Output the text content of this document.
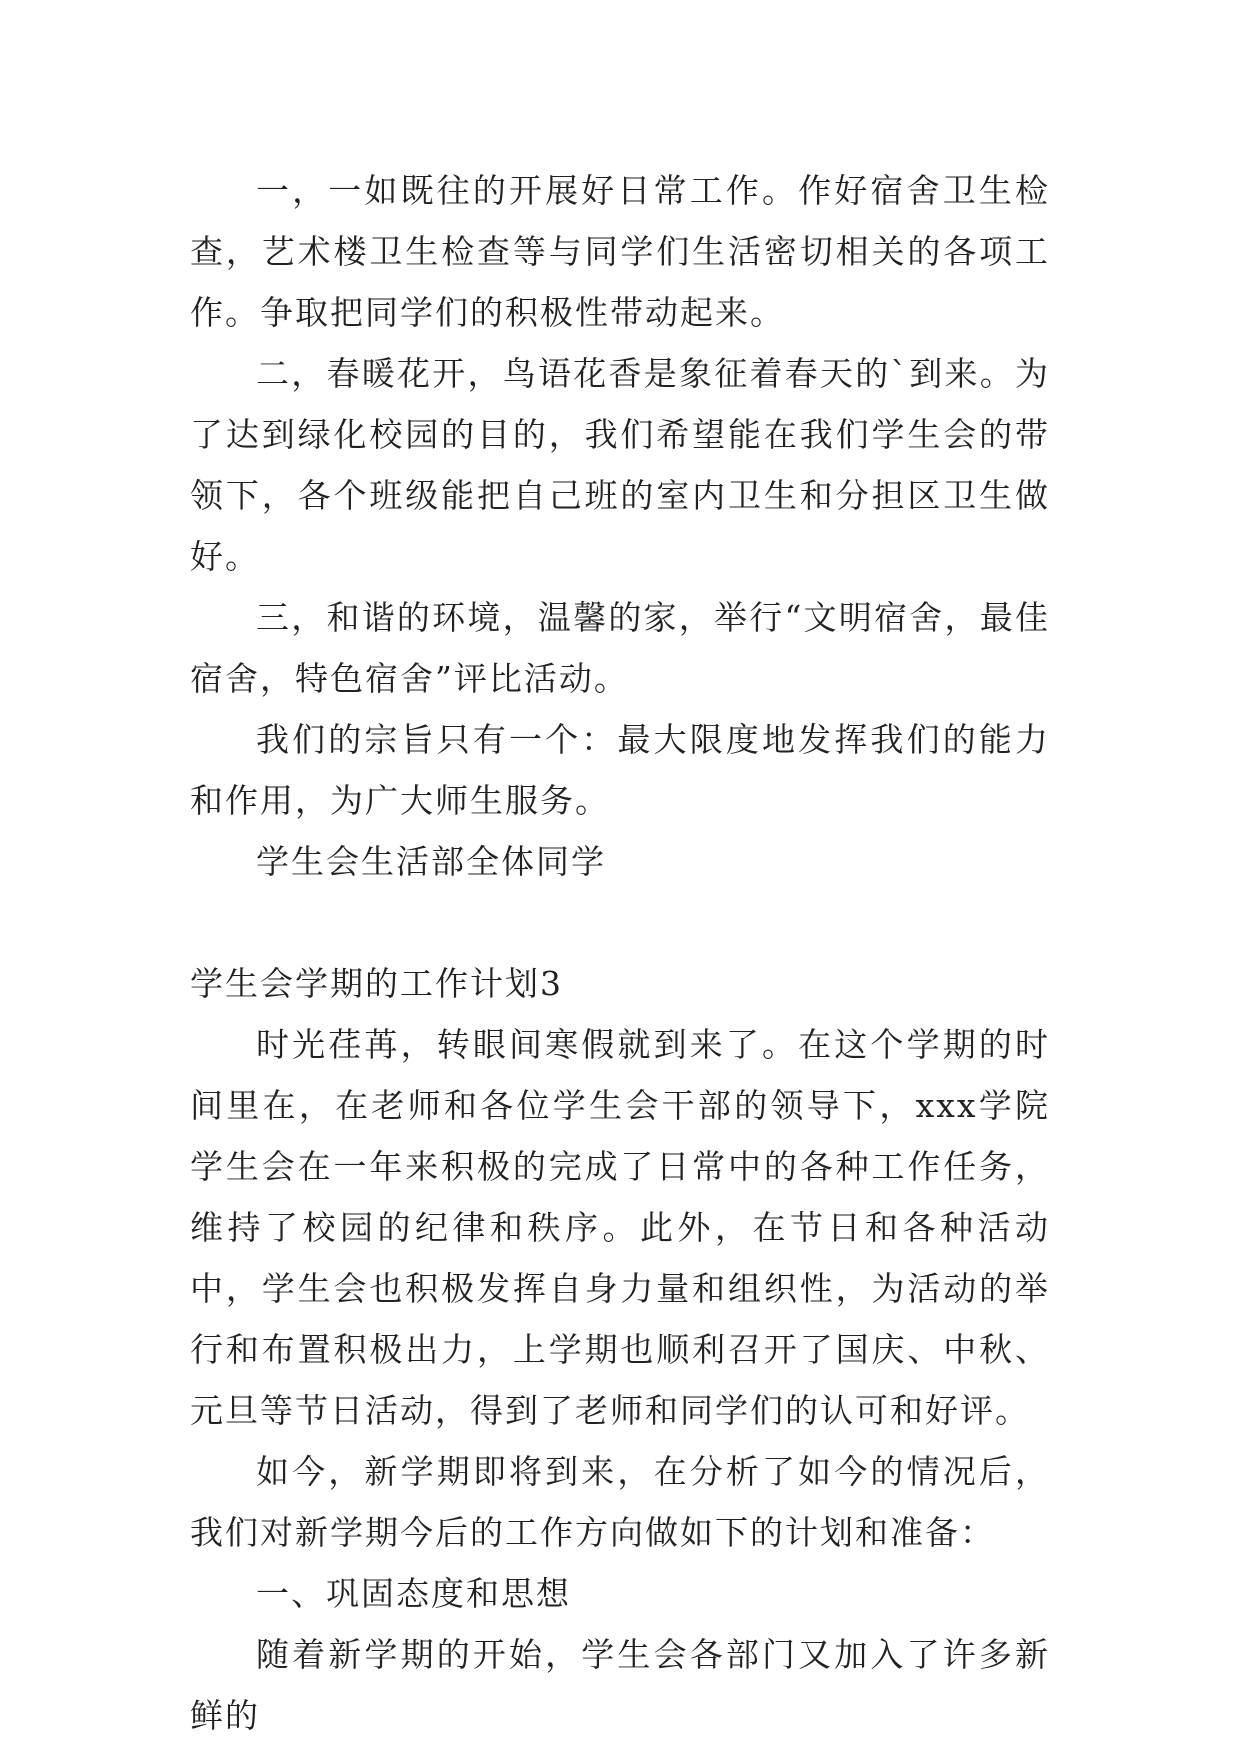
一，一如既往的开展好日常工作。作好宿舍卫生检查，艺术楼卫生检查等与同学们生活密切相关的各项工作。争取把同学们的积极性带动起来。

二，春暖花开，鸟语花香是象征着春天的`到来。为了达到绿化校园的目的，我们希望能在我们学生会的带领下，各个班级能把自己班的室内卫生和分担区卫生做好。

三，和谐的环境，温馨的家，举行“文明宿舍，最佳宿舍，特色宿舍”评比活动。

我们的宗旨只有一个：最大限度地发挥我们的能力和作用，为广大师生服务。

学生会生活部全体同学

学生会学期的工作计划3

时光荏苒，转眼间寒假就到来了。在这个学期的时间里在，在老师和各位学生会干部的领导下，xxx学院学生会在一年来积极的完成了日常中的各种工作任务，维持了校园的纪律和秩序。此外，在节日和各种活动中，学生会也积极发挥自身力量和组织性，为活动的举行和布置积极出力，上学期也顺利召开了国庆、中秋、元旦等节日活动，得到了老师和同学们的认可和好评。

如今，新学期即将到来，在分析了如今的情况后，我们对新学期今后的工作方向做如下的计划和准备：

一、巩固态度和思想

随着新学期的开始，学生会各部门又加入了许多新鲜的
